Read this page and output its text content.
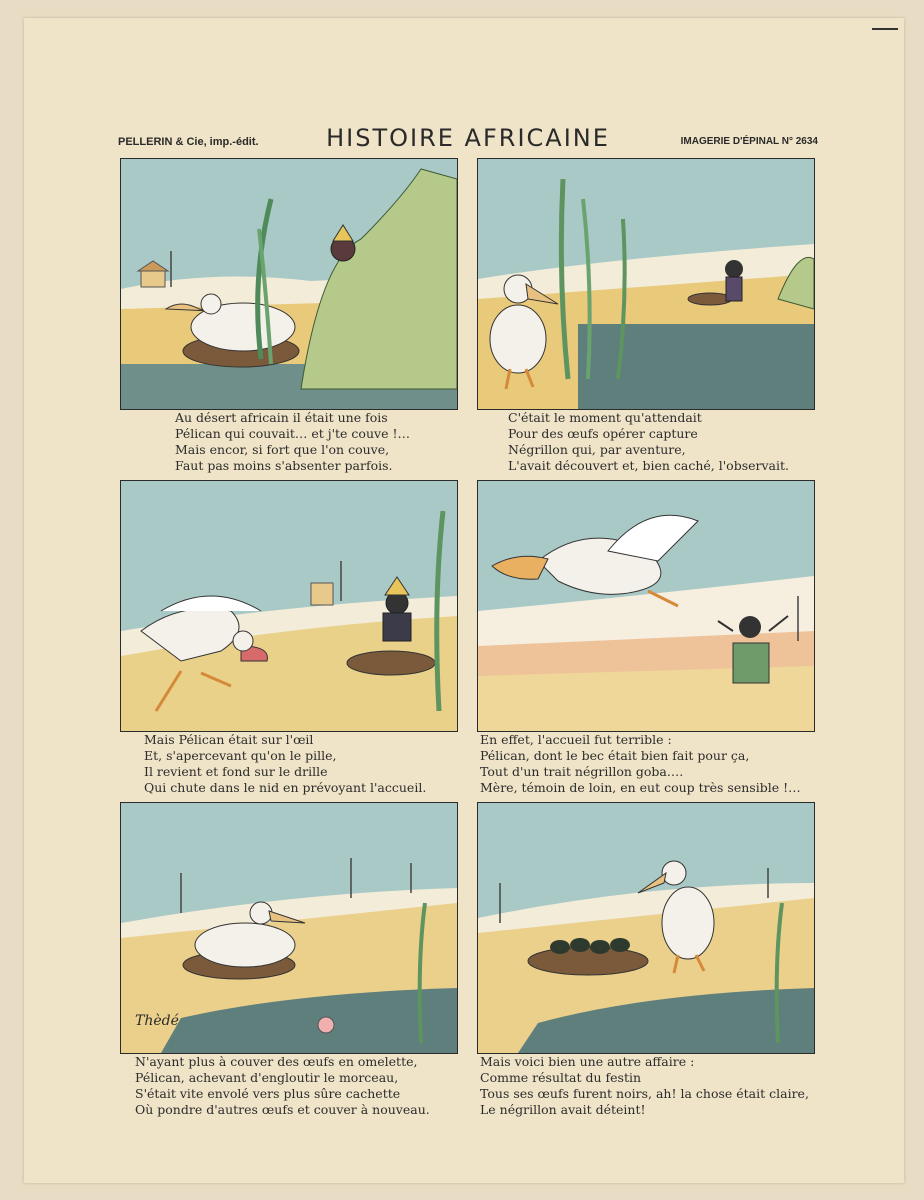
PELLERIN & Cie, imp.-édit.	HISTOIRE AFRICAINE	IMAGERIE D'ÉPINAL N° 2634
Thèdé
Au désert africain il était une fois
Pélican qui couvait… et j'te couve !…
Mais encor, si fort que l'on couve,
Faut pas moins s'absenter parfois.
C'était le moment qu'attendait
Pour des œufs opérer capture
Négrillon qui, par aventure,
L'avait découvert et, bien caché, l'observait.
Mais Pélican était sur l'œil
Et, s'apercevant qu'on le pille,
Il revient et fond sur le drille
Qui chute dans le nid en prévoyant l'accueil.
En effet, l'accueil fut terrible :
Pélican, dont le bec était bien fait pour ça,
Tout d'un trait négrillon goba.…
Mère, témoin de loin, en eut coup très sensible !…
N'ayant plus à couver des œufs en omelette,
Pélican, achevant d'engloutir le morceau,
S'était vite envolé vers plus sûre cachette
Où pondre d'autres œufs et couver à nouveau.
Mais voici bien une autre affaire :
Comme résultat du festin
Tous ses œufs furent noirs, ah! la chose était claire,
Le négrillon avait déteint!
